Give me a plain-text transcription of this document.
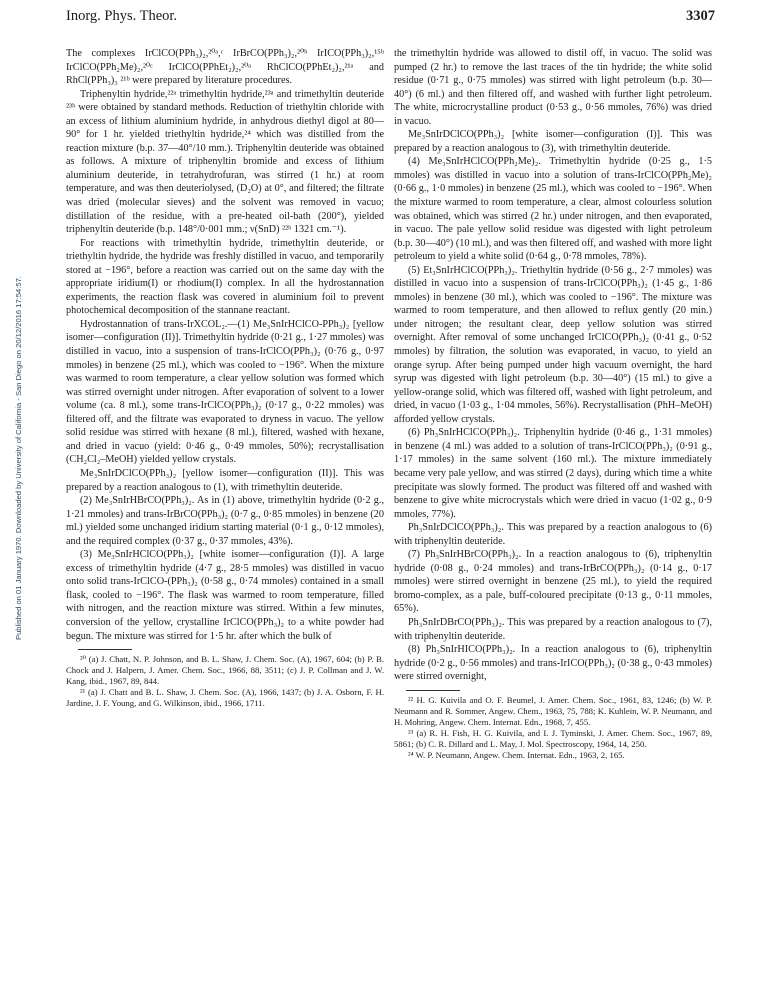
Inorg. Phys. Theor.	3307
Published on 01 January 1970. Downloaded by University of California - San Diego on 20/12/2016 17:54:57.

The complexes IrClCO(PPh₃)₂,²⁰ᵃ,ᶜ IrBrCO(PPh₃)₂,²⁰ᵇ IrICO(PPh₃)₂,¹⁵ᵇ IrClCO(PPh₂Me)₂,²⁰ᶜ IrClCO(PPhEt₂)₂,²⁰ᵃ RhClCO(PPhEt₂)₂,²¹ᵃ and RhCl(PPh₃)₃ ²¹ᵇ were prepared by literature procedures.

Triphenyltin hydride,²²ᵃ trimethyltin hydride,²³ᵃ and trimethyltin deuteride ²³ᵇ were obtained by standard methods. Reduction of triethyltin chloride with an excess of lithium aluminium hydride, in anhydrous diethyl digol at 80—90° for 1 hr. yielded triethyltin hydride,²⁴ which was distilled from the reaction mixture (b.p. 37—40°/10 mm.). Triphenyltin deuteride was obtained as follows. A mixture of triphenyltin bromide and excess of lithium aluminium deuteride, in tetrahydrofuran, was stirred (1 hr.) at room temperature, and was then deuteriolysed, (D₂O) at 0°, and filtered; the filtrate was dried (molecular sieves) and the solvent was removed in vacuo; distillation of the residue, with a pre-heated oil-bath (200°), yielded triphenyltin deuteride (b.p. 148°/0·001 mm.; ν(SnD) ²²ᵇ 1321 cm.⁻¹).

For reactions with trimethyltin hydride, trimethyltin deuteride, or triethyltin hydride, the hydride was freshly distilled in vacuo, and temporarily stored at −196°, before a reaction was carried out on the same day with the appropriate iridium(I) or rhodium(I) complex. In all the hydrostannation experiments, the reaction flask was covered in aluminium foil to prevent photochemical decomposition of the stannane reactant.

Hydrostannation of trans-IrXCOL₂.—(1) Me₃SnIrHClCO-PPh₃)₂ [yellow isomer—configuration (II)]. Trimethyltin hydride (0·21 g., 1·27 mmoles) was distilled in vacuo, into a suspension of trans-IrClCO(PPh₃)₂ (0·76 g., 0·97 mmoles) in benzene (25 ml.), which was cooled to −196°. When the mixture was warmed to room temperature, a clear yellow solution was formed which was stirred overnight under nitrogen. After evaporation of solvent to a lower volume (ca. 8 ml.), some trans-IrClCO(PPh₃)₂ (0·17 g., 0·22 mmoles) was filtered off, and the filtrate was evaporated to dryness in vacuo. The yellow solid residue was stirred with hexane (8 ml.), filtered, washed with hexane, and dried in vacuo (yield: 0·46 g., 0·49 mmoles, 50%); recrystallisation (CH₂Cl₂–MeOH) yielded yellow crystals.

Me₃SnIrDClCO(PPh₃)₂ [yellow isomer—configuration (II)]. This was prepared by a reaction analogous to (1), with trimethyltin deuteride.

(2) Me₃SnIrHBrCO(PPh₃)₂. As in (1) above, trimethyltin hydride (0·2 g., 1·21 mmoles) and trans-IrBrCO(PPh₃)₂ (0·7 g., 0·85 mmoles) in benzene (20 ml.) yielded some unchanged iridium starting material (0·1 g., 0·12 mmoles), and the required complex (0·37 g., 0·37 mmoles, 43%).

(3) Me₃SnIrHClCO(PPh₃)₂ [white isomer—configuration (I)]. A large excess of trimethyltin hydride (4·7 g., 28·5 mmoles) was distilled in vacuo onto solid trans-IrClCO-(PPh₃)₂ (0·58 g., 0·74 mmoles) contained in a small flask, cooled to −196°. The flask was warmed to room temperature, filled with nitrogen, and the reaction mixture was stirred. Within a few minutes, conversion of the yellow, crystalline IrClCO(PPh₃)₂ to a white powder had begun. The mixture was stirred for 1·5 hr. after which the bulk of

²⁰ (a) J. Chatt, N. P. Johnson, and B. L. Shaw, J. Chem. Soc. (A), 1967, 604; (b) P. B. Chock and J. Halpern, J. Amer. Chem. Soc., 1966, 88, 3511; (c) J. P. Collman and J. W. Kang, ibid., 1967, 89, 844.

²¹ (a) J. Chatt and B. L. Shaw, J. Chem. Soc. (A), 1966, 1437; (b) J. A. Osborn, F. H. Jardine, J. F. Young, and G. Wilkinson, ibid., 1966, 1711.

the trimethyltin hydride was allowed to distil off, in vacuo. The solid was pumped (2 hr.) to remove the last traces of the tin hydride; the white solid residue (0·71 g., 0·75 mmoles) was stirred with light petroleum (b.p. 30—40°) (6 ml.) and then filtered off, and washed with further light petroleum. The white, microcrystalline product (0·53 g., 0·56 mmoles, 76%) was dried in vacuo.

Me₃SnIrDClCO(PPh₃)₂ [white isomer—configuration (I)]. This was prepared by a reaction analogous to (3), with trimethyltin deuteride.

(4) Me₃SnIrHClCO(PPh₂Me)₂. Trimethyltin hydride (0·25 g., 1·5 mmoles) was distilled in vacuo into a solution of trans-IrClCO(PPh₂Me)₂ (0·66 g., 1·0 mmoles) in benzene (25 ml.), which was cooled to −196°. When the mixture warmed to room temperature, a clear, almost colourless solution was obtained, which was stirred (2 hr.) under nitrogen, and then evaporated, in vacuo. The pale yellow solid residue was digested with light petroleum (b.p. 30—40°) (10 ml.), and was then filtered off, and washed with more light petroleum to yield a white solid (0·64 g., 0·78 mmoles, 78%).

(5) Et₃SnIrHClCO(PPh₃)₂. Triethyltin hydride (0·56 g., 2·7 mmoles) was distilled in vacuo into a suspension of trans-IrClCO(PPh₃)₂ (1·45 g., 1·86 mmoles) in benzene (30 ml.), which was cooled to −196°. The mixture was warmed to room temperature, and then allowed to reflux gently (20 min.) under nitrogen; the resultant clear, deep yellow solution was stirred overnight. After removal of some unchanged IrClCO(PPh₃)₂ (0·41 g., 0·52 mmoles) by filtration, the solution was evaporated, in vacuo, to yield an orange syrup. After being pumped under high vacuum overnight, the hard syrup was digested with light petroleum (b.p. 30—40°) (15 ml.) to give a yellow-orange solid, which was filtered off, washed with light petroleum, and dried, in vacuo (1·03 g., 1·04 mmoles, 56%). Recrystallisation (PhH–MeOH) afforded yellow crystals.

(6) Ph₃SnIrHClCO(PPh₃)₂. Triphenyltin hydride (0·46 g., 1·31 mmoles) in benzene (4 ml.) was added to a solution of trans-IrClCO(PPh₃)₂ (0·91 g., 1·17 mmoles) in the same solvent (160 ml.). The mixture immediately became very pale yellow, and was stirred (2 days), during which time a white precipitate was slowly formed. The product was filtered off and washed with benzene to give white microcrystals which were dried in vacuo (1·02 g., 0·9 mmoles, 77%).

Ph₃SnIrDClCO(PPh₃)₂. This was prepared by a reaction analogous to (6) with triphenyltin deuteride.

(7) Ph₃SnIrHBrCO(PPh₃)₂. In a reaction analogous to (6), triphenyltin hydride (0·08 g., 0·24 mmoles) and trans-IrBrCO(PPh₃)₂ (0·14 g., 0·17 mmoles) were stirred overnight in benzene (25 ml.), to yield the required bromo-complex, as a pale, buff-coloured precipitate (0·13 g., 0·11 mmoles, 65%).

Ph₃SnIrDBrCO(PPh₃)₂. This was prepared by a reaction analogous to (7), with triphenyltin deuteride.

(8) Ph₃SnIrHICO(PPh₃)₂. In a reaction analogous to (6), triphenyltin hydride (0·2 g., 0·56 mmoles) and trans-IrICO(PPh₃)₂ (0·38 g., 0·43 mmoles) were stirred overnight,

²² H. G. Kuivila and O. F. Beumel, J. Amer. Chem. Soc., 1961, 83, 1246; (b) W. P. Neumann and R. Sommer, Angew. Chem., 1963, 75, 788; K. Kuhlein, W. P. Neumann, and H. Mohring, Angew. Chem. Internat. Edn., 1968, 7, 455.

²³ (a) R. H. Fish, H. G. Kuivila, and I. J. Tyminski, J. Amer. Chem. Soc., 1967, 89, 5861; (b) C. R. Dillard and L. May, J. Mol. Spectroscopy, 1964, 14, 250.

²⁴ W. P. Neumann, Angew. Chem. Internat. Edn., 1963, 2, 165.
